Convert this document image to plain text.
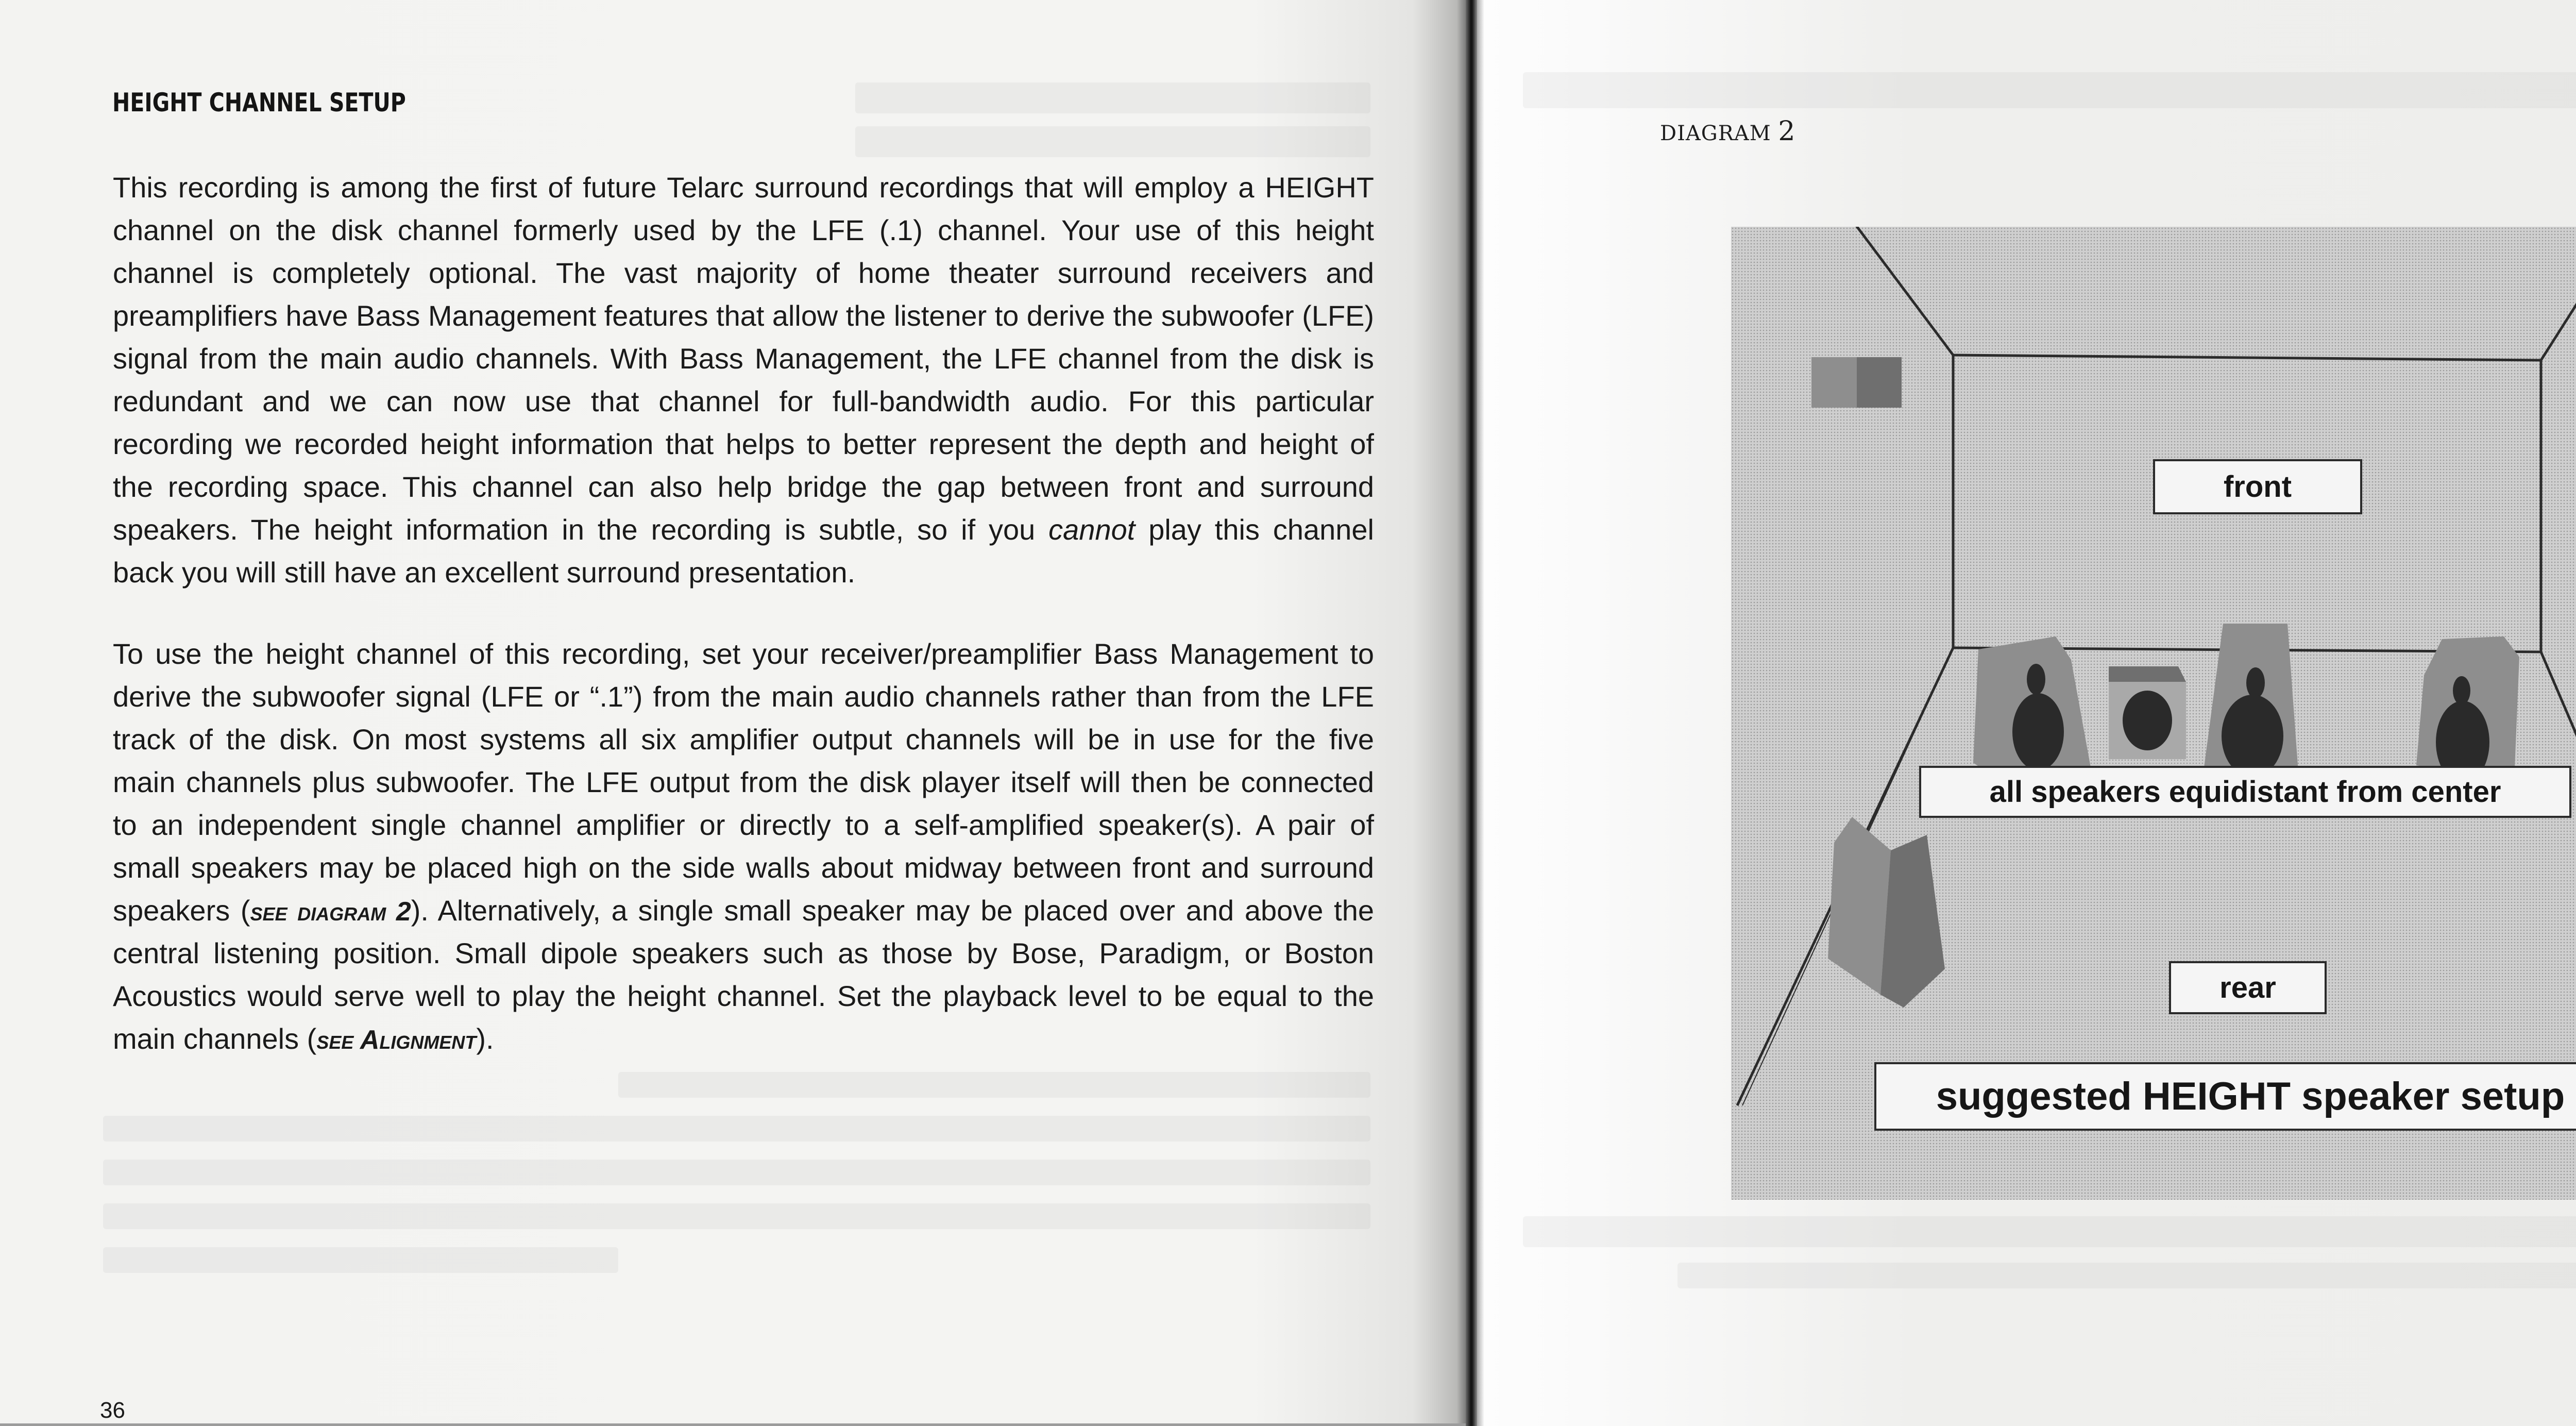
HEIGHT CHANNEL SETUP
This recording is among the first of future Telarc surround recordings that will employ a HEIGHT
channel on the disk channel formerly used by the LFE (.1) channel. Your use of this height
channel is completely optional. The vast majority of home theater surround receivers and
preamplifiers have Bass Management features that allow the listener to derive the subwoofer (LFE)
signal from the main audio channels. With Bass Management, the LFE channel from the disk is
redundant and we can now use that channel for full-bandwidth audio. For this particular
recording we recorded height information that helps to better represent the depth and height of
the recording space. This channel can also help bridge the gap between front and surround
speakers. The height information in the recording is subtle, so if you cannot play this channel
back you will still have an excellent surround presentation.
To use the height channel of this recording, set your receiver/preamplifier Bass Management to
derive the subwoofer signal (LFE or “.1”) from the main audio channels rather than from the LFE
track of the disk. On most systems all six amplifier output channels will be in use for the five
main channels plus subwoofer. The LFE output from the disk player itself will then be connected
to an independent single channel amplifier or directly to a self-amplified speaker(s). A pair of
small speakers may be placed high on the side walls about midway between front and surround
speakers (see diagram 2). Alternatively, a single small speaker may be placed over and above the
central listening position. Small dipole speakers such as those by Bose, Paradigm, or Boston
Acoustics would serve well to play the height channel. Set the playback level to be equal to the
main channels (see Alignment).
36
DIAGRAM 2
front
all speakers equidistant from center
rear
suggested HEIGHT speaker setup
